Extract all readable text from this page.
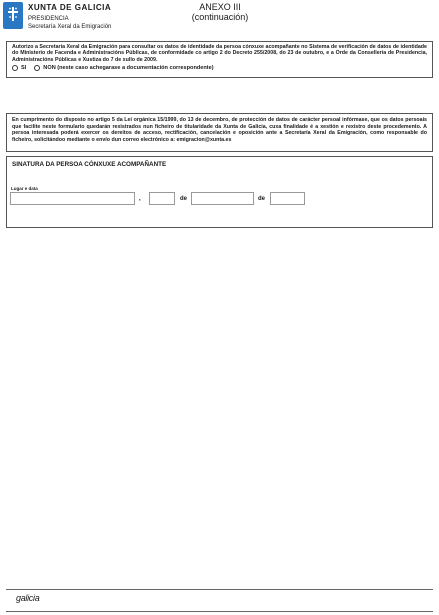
XUNTA DE GALICIA
PRESIDENCIA
Secretaría Xeral da Emigración
ANEXO III
(continuación)
Autorizo a Secretaría Xeral da Emigración para consultar os datos de identidade da persoa cónxuxe acompañante no Sistema de verificación de datos de identidade do Ministerio de Facenda e Administracións Públicas, de conformidade co artigo 2 do Decreto 255/2008, do 23 de outubro, e a Orde da Consellería de Presidencia, Administracións Públicas e Xustiza do 7 de xullo de 2009.
SI	NON (neste caso achegarase a documentación correspondente)
En cumprimento do disposto no artigo 5 da Lei orgánica 15/1999, do 13 de decembro, de protección de datos de carácter persoal infórmase, que os datos persoais que facilite neste formulario quedarán rexistrados nun ficheiro de titularidade da Xunta de Galicia, cuxa finalidade é a xestión e rexistro deste procedemento. A persoa interesada poderá exercer os dereitos de acceso, rectificación, cancelación e oposición ante a Secretaría Xeral da Emigración, como responsable do ficheiro, solicitándoo mediante o envío dun correo electrónico a: emigracion@xunta.es
SINATURA DA PERSOA CÓNXUXE ACOMPAÑANTE
Lugar e data
,	de	de
galicia
